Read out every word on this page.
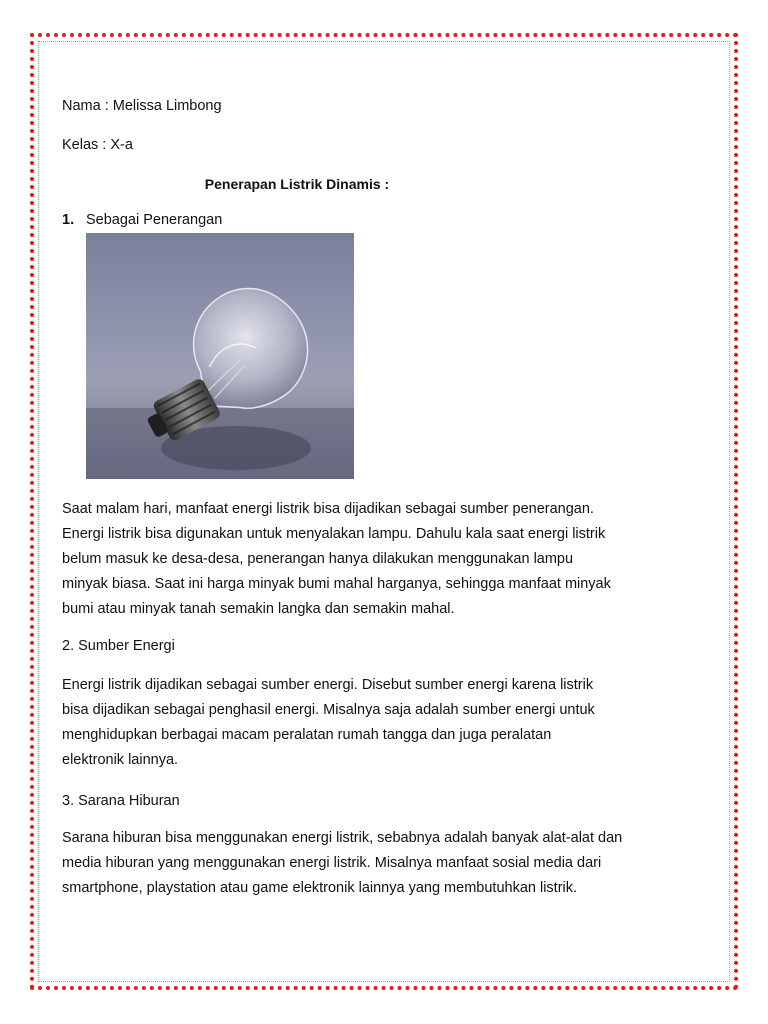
Nama : Melissa Limbong
Kelas : X-a
Penerapan Listrik Dinamis :
1. Sebagai Penerangan
Saat malam hari, manfaat energi listrik bisa dijadikan sebagai sumber penerangan.
Energi listrik bisa digunakan untuk menyalakan lampu. Dahulu kala saat energi listrik
belum masuk ke desa-desa, penerangan hanya dilakukan menggunakan lampu
minyak biasa. Saat ini harga minyak bumi mahal harganya, sehingga manfaat minyak
bumi atau minyak tanah semakin langka dan semakin mahal.
2. Sumber Energi
Energi listrik dijadikan sebagai sumber energi. Disebut sumber energi karena listrik
bisa dijadikan sebagai penghasil energi. Misalnya saja adalah sumber energi untuk
menghidupkan berbagai macam peralatan rumah tangga dan juga peralatan
elektronik lainnya.
3. Sarana Hiburan
Sarana hiburan bisa menggunakan energi listrik, sebabnya adalah banyak alat-alat dan
media hiburan yang menggunakan energi listrik. Misalnya manfaat sosial media dari
smartphone, playstation atau game elektronik lainnya yang membutuhkan listrik.
